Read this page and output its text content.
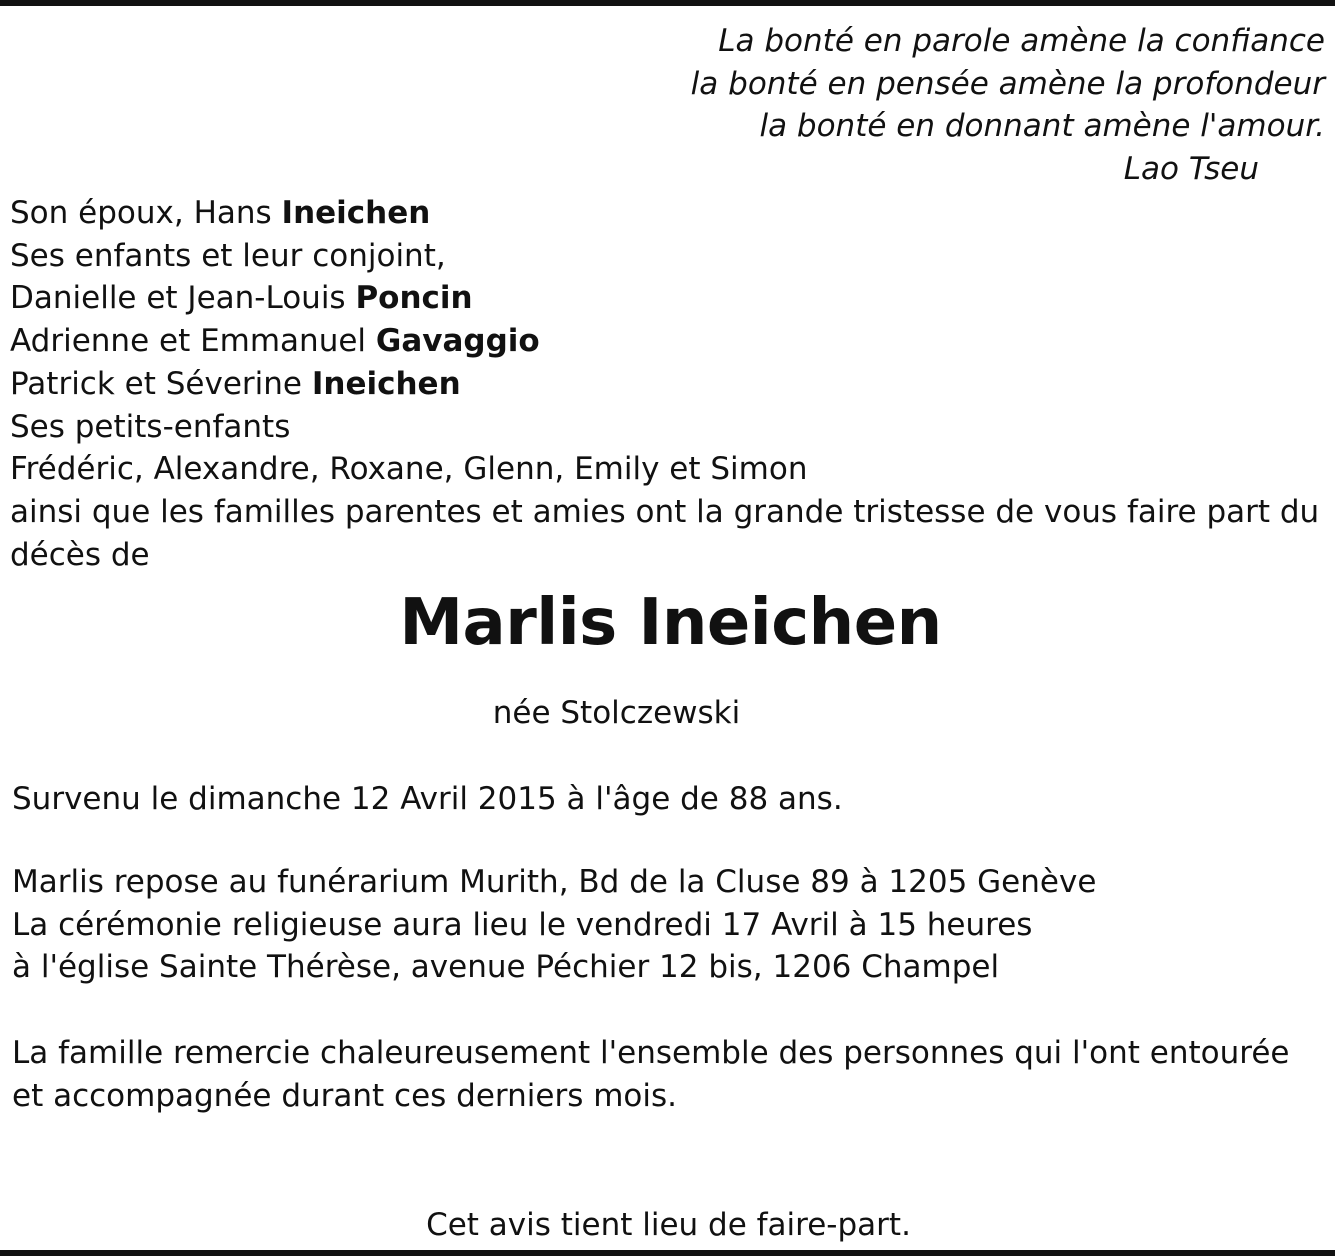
La bonté en parole amène la confiance
la bonté en pensée amène la profondeur
la bonté en donnant amène l'amour.
Lao Tseu
Son époux, Hans Ineichen
Ses enfants et leur conjoint,
Danielle et Jean-Louis Poncin
Adrienne et Emmanuel Gavaggio
Patrick et Séverine Ineichen
Ses petits-enfants
Frédéric, Alexandre, Roxane, Glenn, Emily et Simon
ainsi que les familles parentes et amies ont la grande tristesse de vous faire part du décès de
Marlis Ineichen
née Stolczewski
Survenu le dimanche 12 Avril 2015 à l'âge de 88 ans.
Marlis repose au funérarium Murith, Bd de la Cluse 89 à 1205 Genève
La cérémonie religieuse aura lieu le vendredi 17 Avril à 15 heures
à l'église Sainte Thérèse, avenue Péchier 12 bis, 1206 Champel
La famille remercie chaleureusement l'ensemble des personnes qui l'ont entourée et accompagnée durant ces derniers mois.
Cet avis tient lieu de faire-part.
